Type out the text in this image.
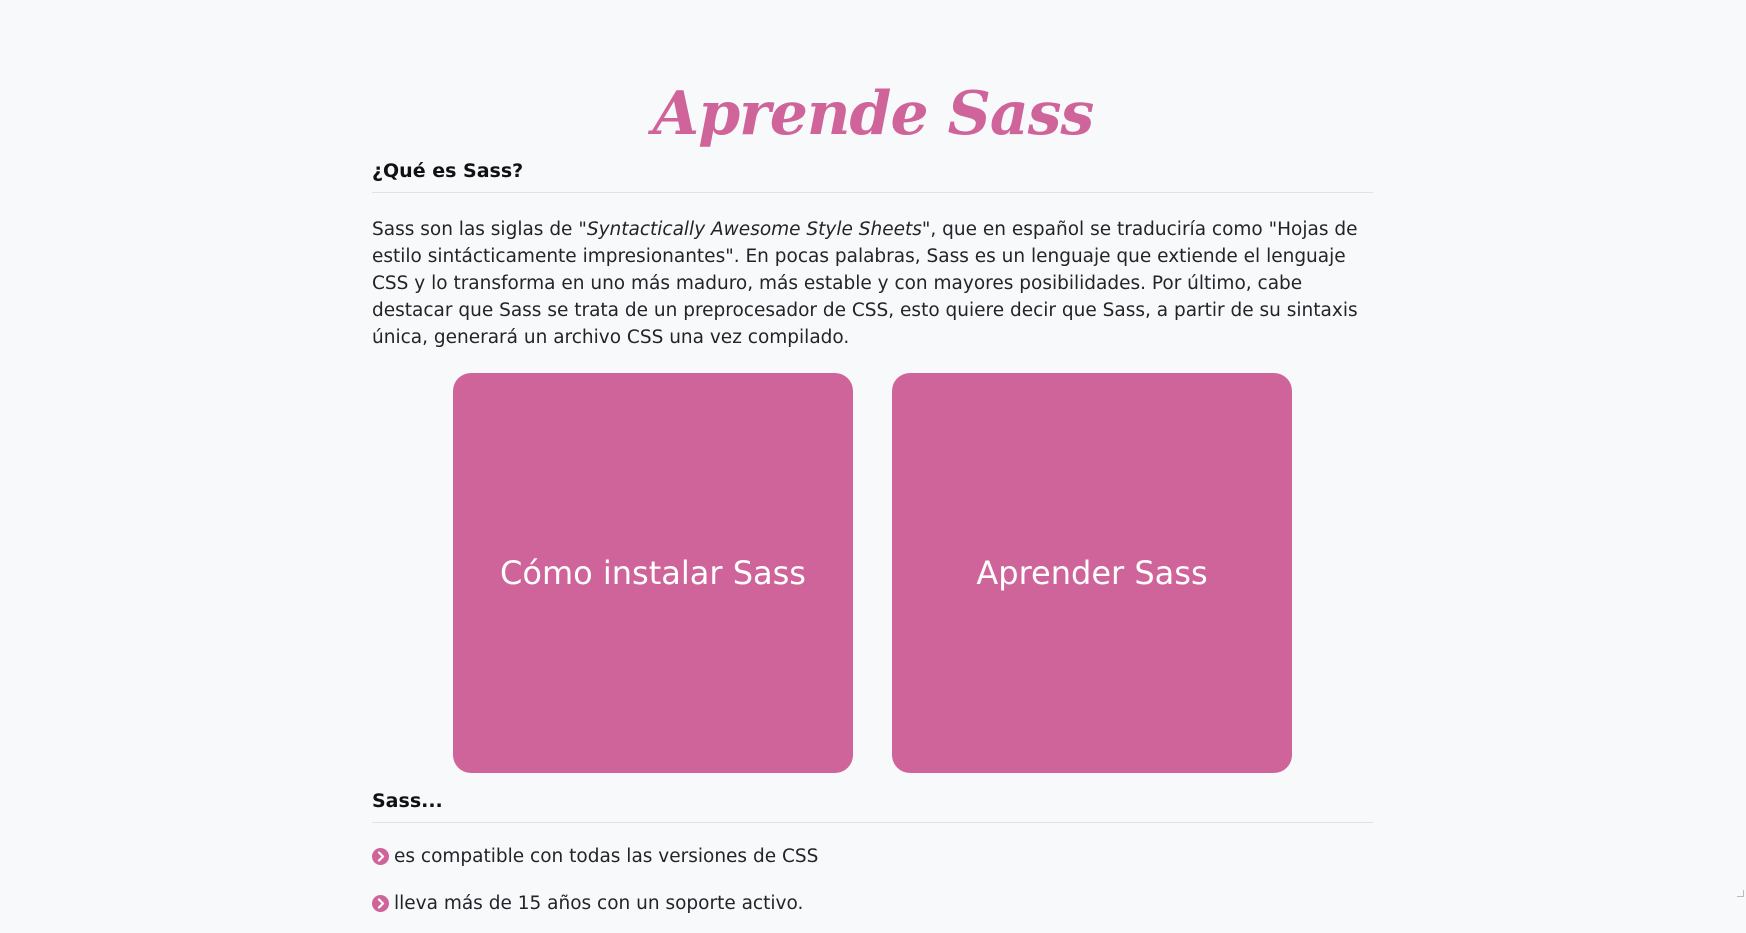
Aprende Sass
¿Qué es Sass?

Sass son las siglas de "Syntactically Awesome Style Sheets", que en español se traduciría como "Hojas de estilo sintácticamente impresionantes". En pocas palabras, Sass es un lenguaje que extiende el lenguaje CSS y lo transforma en uno más maduro, más estable y con mayores posibilidades. Por último, cabe destacar que Sass se trata de un preprocesador de CSS, esto quiere decir que Sass, a partir de su sintaxis única, generará un archivo CSS una vez compilado.

Cómo instalar Sass	Aprender Sass
Sass...
es compatible con todas las versiones de CSS
lleva más de 15 años con un soporte activo.
